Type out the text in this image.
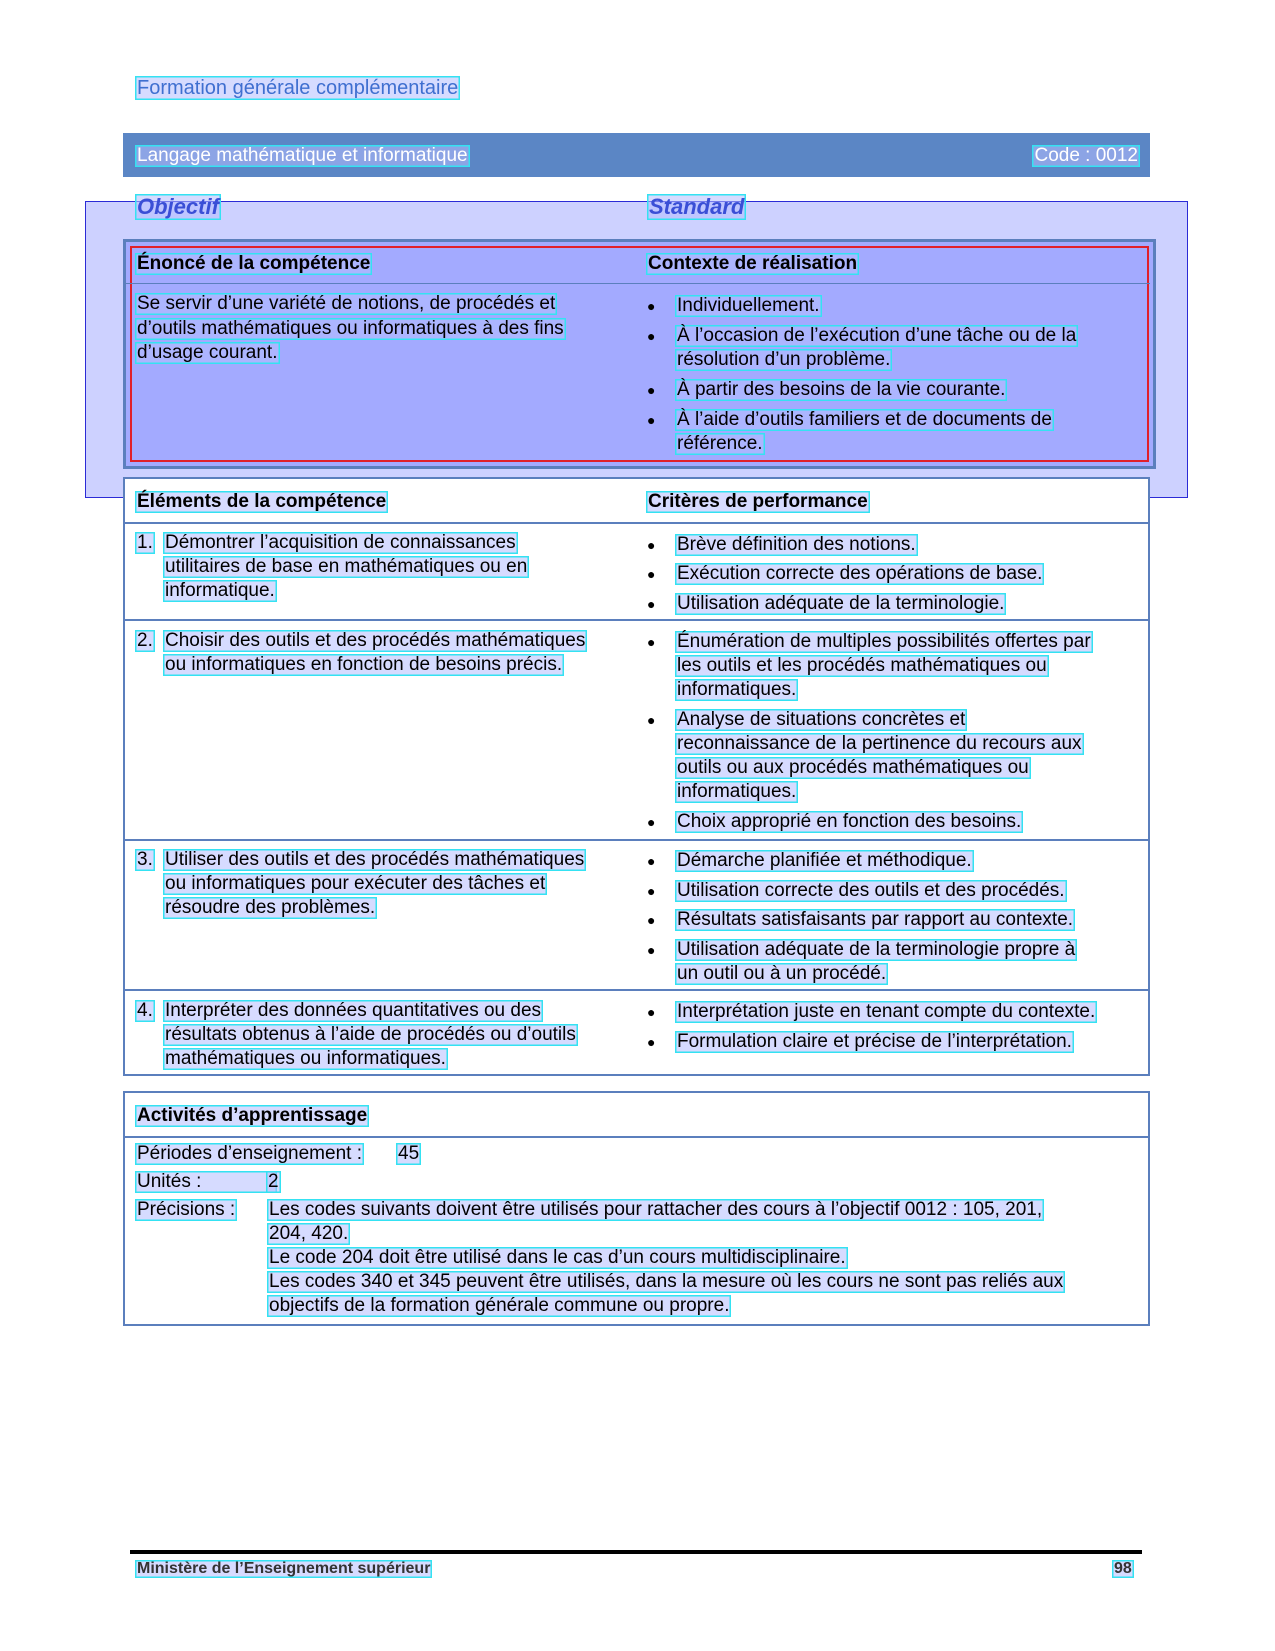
Formation générale complémentaire
Langage mathématique et informatique	Code : 0012
Objectif	Standard
Énoncé de la compétence	Contexte de réalisation
Se servir d’une variété de notions, de procédés et
d’outils mathématiques ou informatiques à des fins
d’usage courant.
● Individuellement.
● À l’occasion de l’exécution d’une tâche ou de la
résolution d’un problème.
● À partir des besoins de la vie courante.
● À l’aide d’outils familiers et de documents de
référence.
Éléments de la compétence	Critères de performance
1. Démontrer l’acquisition de connaissances
utilitaires de base en mathématiques ou en
informatique.
● Brève définition des notions.
● Exécution correcte des opérations de base.
● Utilisation adéquate de la terminologie.
2. Choisir des outils et des procédés mathématiques
ou informatiques en fonction de besoins précis.
● Énumération de multiples possibilités offertes par
les outils et les procédés mathématiques ou
informatiques.
● Analyse de situations concrètes et
reconnaissance de la pertinence du recours aux
outils ou aux procédés mathématiques ou
informatiques.
● Choix approprié en fonction des besoins.
3. Utiliser des outils et des procédés mathématiques
ou informatiques pour exécuter des tâches et
résoudre des problèmes.
● Démarche planifiée et méthodique.
● Utilisation correcte des outils et des procédés.
● Résultats satisfaisants par rapport au contexte.
● Utilisation adéquate de la terminologie propre à
un outil ou à un procédé.
4. Interpréter des données quantitatives ou des
résultats obtenus à l’aide de procédés ou d’outils
mathématiques ou informatiques.
● Interprétation juste en tenant compte du contexte.
● Formulation claire et précise de l’interprétation.
Activités d’apprentissage
Périodes d’enseignement : 45
Unités :	2
Précisions : Les codes suivants doivent être utilisés pour rattacher des cours à l’objectif 0012 : 105, 201,
204, 420.
Le code 204 doit être utilisé dans le cas d’un cours multidisciplinaire.
Les codes 340 et 345 peuvent être utilisés, dans la mesure où les cours ne sont pas reliés aux
objectifs de la formation générale commune ou propre.
Ministère de l’Enseignement supérieur	98
